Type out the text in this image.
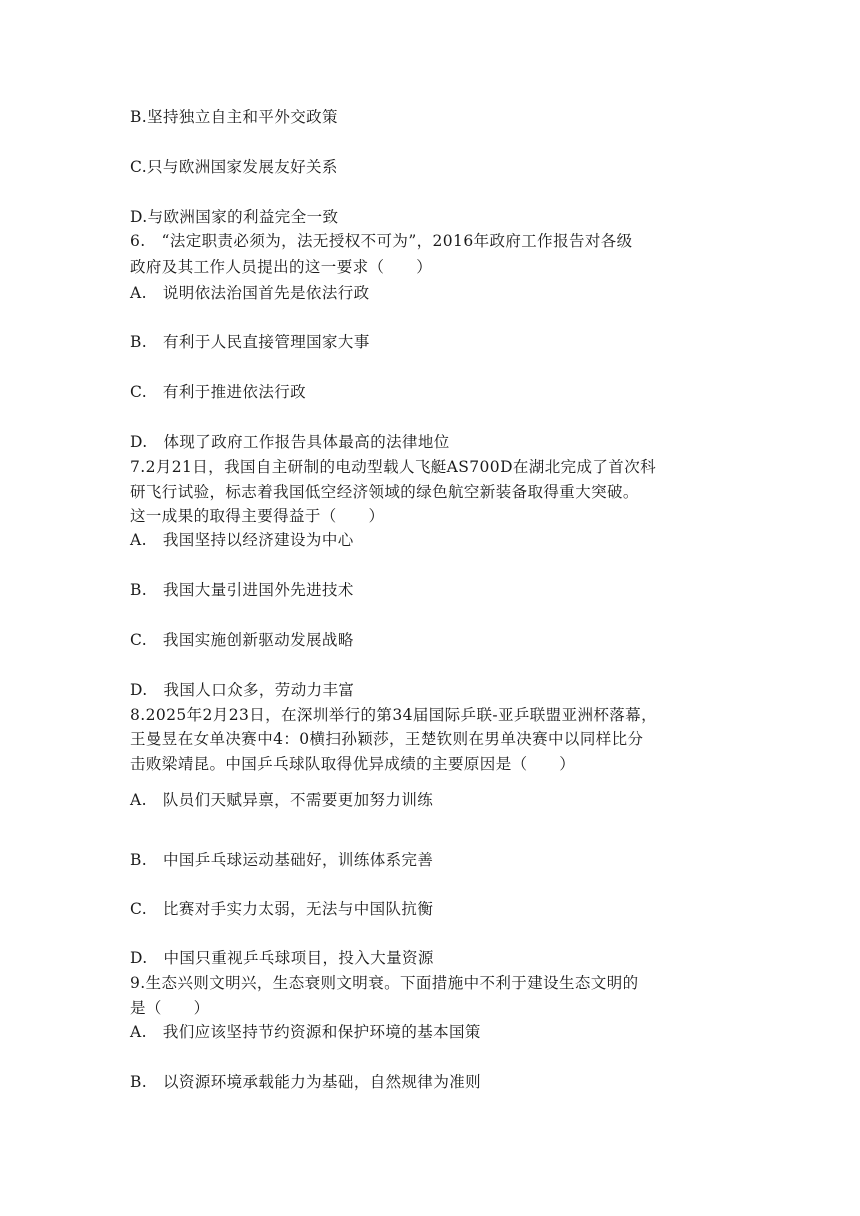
B.坚持独立自主和平外交政策
C.只与欧洲国家发展友好关系
D.与欧洲国家的利益完全一致
6.　“法定职责必须为，法无授权不可为”，2016年政府工作报告对各级
政府及其工作人员提出的这一要求（　　）
A.　说明依法治国首先是依法行政
B.　有利于人民直接管理国家大事
C.　有利于推进依法行政
D.　体现了政府工作报告具体最高的法律地位
7.2月21日，我国自主研制的电动型载人飞艇AS700D在湖北完成了首次科
研飞行试验，标志着我国低空经济领域的绿色航空新装备取得重大突破。
这一成果的取得主要得益于（　　）
A.　我国坚持以经济建设为中心
B.　我国大量引进国外先进技术
C.　我国实施创新驱动发展战略
D.　我国人口众多，劳动力丰富
8.2025年2月23日，在深圳举行的第34届国际乒联-亚乒联盟亚洲杯落幕，
王曼昱在女单决赛中4：0横扫孙颖莎，王楚钦则在男单决赛中以同样比分
击败梁靖昆。中国乒乓球队取得优异成绩的主要原因是（　　）
A.　队员们天赋异禀，不需要更加努力训练
B.　中国乒乓球运动基础好，训练体系完善
C.　比赛对手实力太弱，无法与中国队抗衡
D.　中国只重视乒乓球项目，投入大量资源
9.生态兴则文明兴，生态衰则文明衰。下面措施中不利于建设生态文明的
是（　　）
A.　我们应该坚持节约资源和保护环境的基本国策
B.　以资源环境承载能力为基础，自然规律为准则
